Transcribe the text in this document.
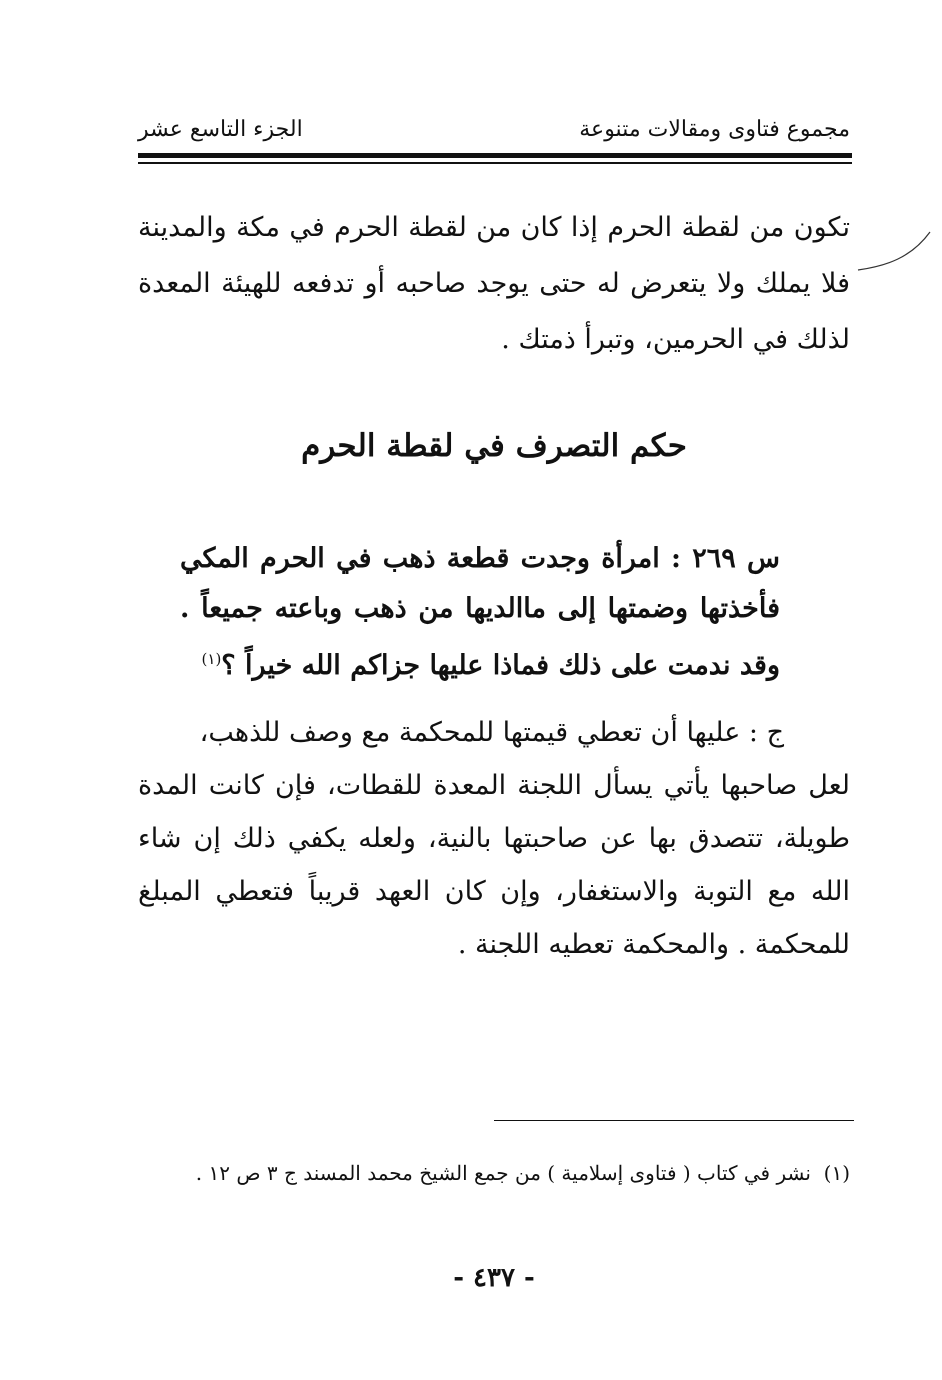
مجموع فتاوى ومقالات متنوعة
الجزء التاسع عشر
تكون من لقطة الحرم إذا كان من لقطة الحرم في مكة والمدينة فلا يملك ولا يتعرض له حتى يوجد صاحبه أو تدفعه للهيئة المعدة لذلك في الحرمين، وتبرأ ذمتك .
حكم التصرف في لقطة الحرم
س ٢٦٩ : امرأة وجدت قطعة ذهب في الحرم المكي فأخذتها وضمتها إلى ماالديها من ذهب وباعته جميعاً . وقد ندمت على ذلك فماذا عليها جزاكم الله خيراً ؟$^{(١)}$
ج : عليها أن تعطي قيمتها للمحكمة مع وصف للذهب،
لعل صاحبها يأتي يسأل اللجنة المعدة للقطات، فإن كانت المدة طويلة، تتصدق بها عن صاحبتها بالنية، ولعله يكفي ذلك إن شاء الله مع التوبة والاستغفار، وإن كان العهد قريباً فتعطي المبلغ للمحكمة . والمحكمة تعطيه اللجنة .
(١)  نشر في كتاب ( فتاوى إسلامية ) من جمع الشيخ محمد المسند ج ٣ ص ١٢ .
- ٤٣٧ -
